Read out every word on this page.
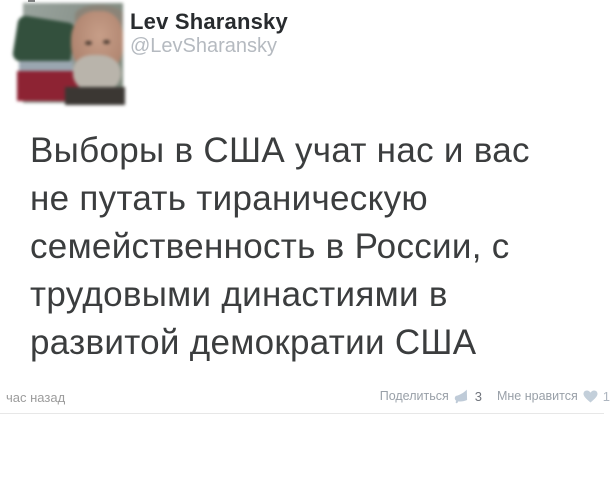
Lev Sharansky
@LevSharansky
Выборы в США учат нас и вас
не путать тираническую
семейственность в России, с
трудовыми династиями в
развитой демократии США
час назад	Поделиться 3 Мне нравится 1
